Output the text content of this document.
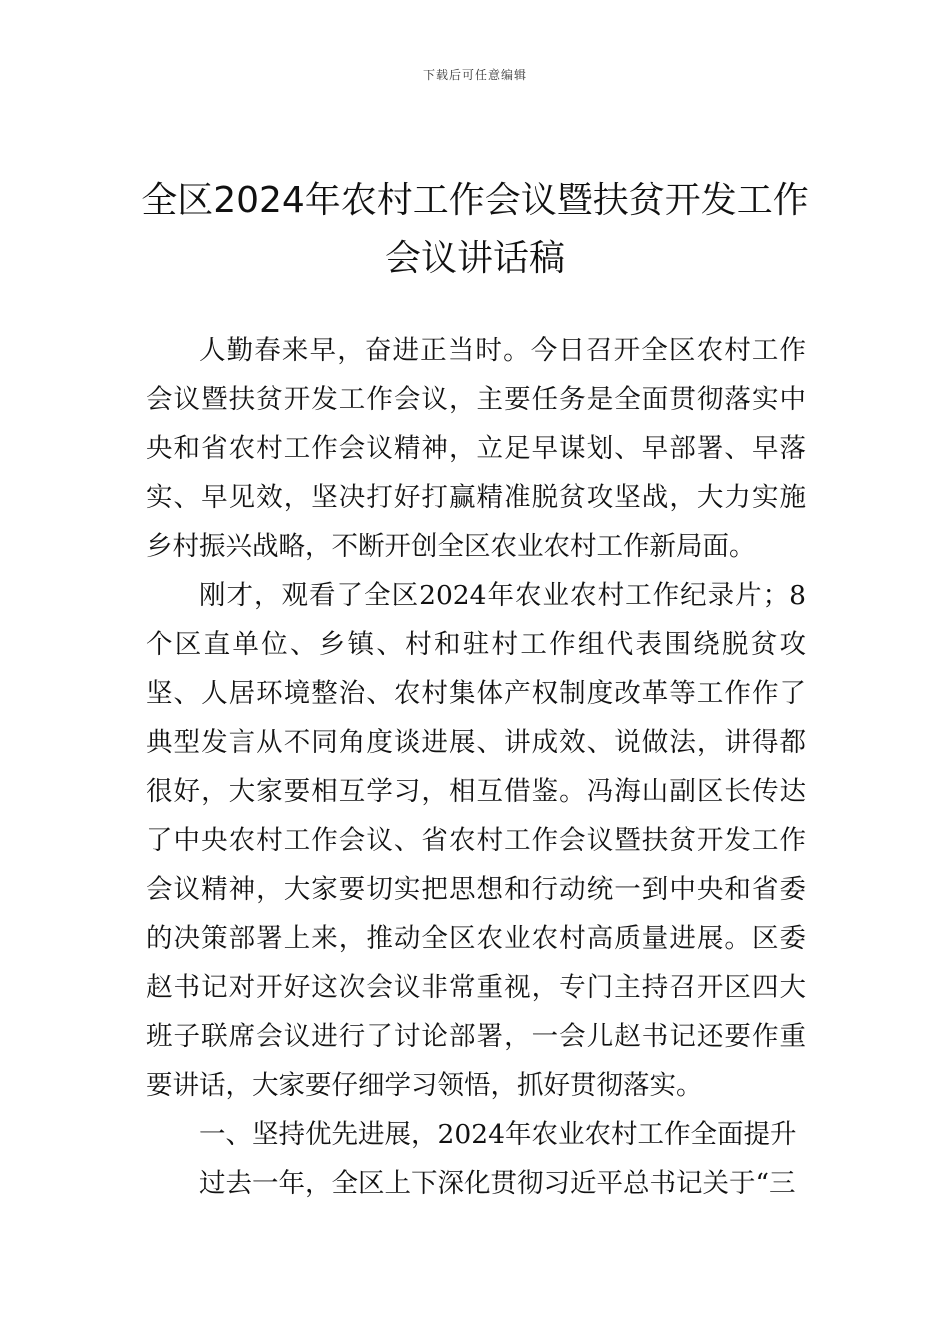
下载后可任意编辑
全区2024年农村工作会议暨扶贫开发工作会议讲话稿

人勤春来早，奋进正当时。今日召开全区农村工作会议暨扶贫开发工作会议，主要任务是全面贯彻落实中央和省农村工作会议精神，立足早谋划、早部署、早落实、早见效，坚决打好打赢精准脱贫攻坚战，大力实施乡村振兴战略，不断开创全区农业农村工作新局面。

刚才，观看了全区2024年农业农村工作纪录片；8个区直单位、乡镇、村和驻村工作组代表围绕脱贫攻坚、人居环境整治、农村集体产权制度改革等工作作了典型发言从不同角度谈进展、讲成效、说做法，讲得都很好，大家要相互学习，相互借鉴。冯海山副区长传达了中央农村工作会议、省农村工作会议暨扶贫开发工作会议精神，大家要切实把思想和行动统一到中央和省委的决策部署上来，推动全区农业农村高质量进展。区委赵书记对开好这次会议非常重视，专门主持召开区四大班子联席会议进行了讨论部署，一会儿赵书记还要作重要讲话，大家要仔细学习领悟，抓好贯彻落实。

一、坚持优先进展，2024年农业农村工作全面提升

过去一年，全区上下深化贯彻习近平总书记关于“三
